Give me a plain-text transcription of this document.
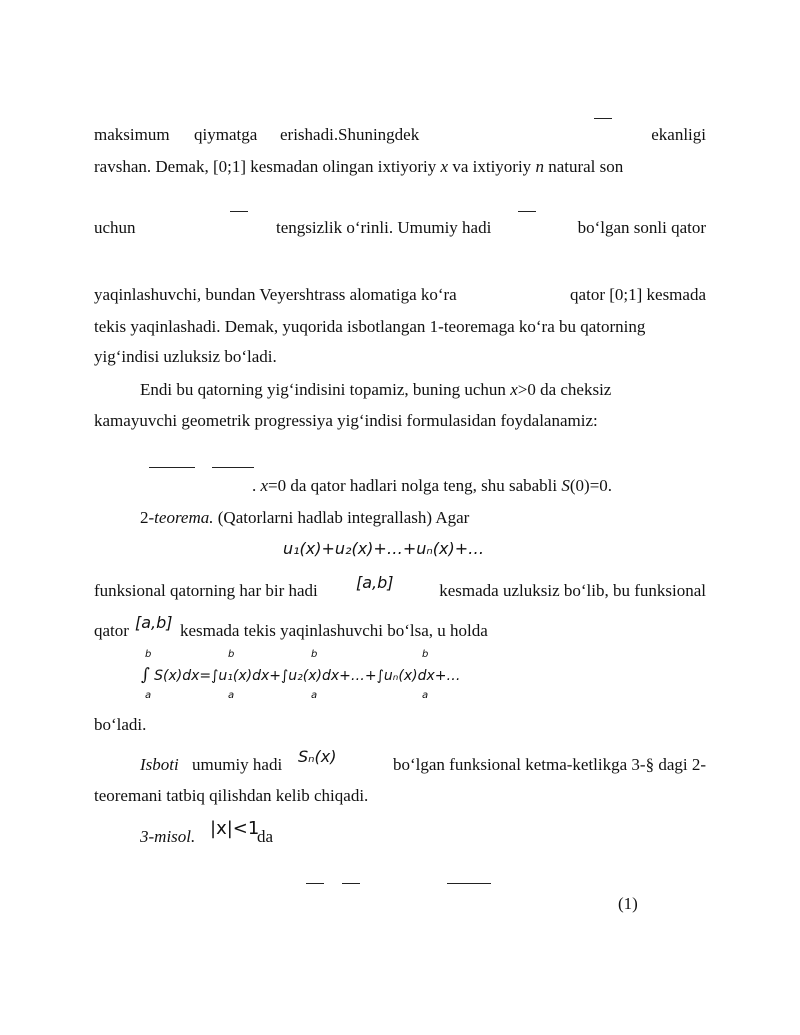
maksimum qiymatga erishadi. Shuningdek	ekanligi
ravshan. Demak, [0;1] kesmadan olingan ixtiyoriy x va ixtiyoriy n natural son
uchun	tengsizlik o‘rinli. Umumiy hadi	bo‘lgan sonli qator
yaqinlashuvchi, bundan Veyershtrass alomatiga ko‘ra	qator [0;1] kesmada
tekis yaqinlashadi. Demak, yuqorida isbotlangan 1-teoremaga ko‘ra bu qatorning
yig‘indisi uzluksiz bo‘ladi.
Endi bu qatorning yig‘indisini topamiz, buning uchun x>0 da cheksiz
kamayuvchi geometrik progressiya yig‘indisi formulasidan foydalanamiz:
. x=0 da qator hadlari nolga teng, shu sababli S(0)=0.
2-teorema. (Qatorlarni hadlab integrallash) Agar
u₁(x)+u₂(x)+…+uₙ(x)+…
funksional qatorning har bir hadi [a,b]	kesmada uzluksiz bo‘lib, bu funksional
qator [a,b] kesmada tekis yaqinlashuvchi bo‘lsa, u holda
b
a
b
a
b
a
b
a
∫ S(x)dx=∫u₁(x)dx+∫u₂(x)dx+…+∫uₙ(x)dx+…
bo‘ladi.
Isboti umumiy hadi Sₙ(x)	bo‘lgan funksional ketma-ketlikga 3-§ dagi 2-
teoremani tatbiq qilishdan kelib chiqadi.
3-misol. |x|<1
da
(1)
